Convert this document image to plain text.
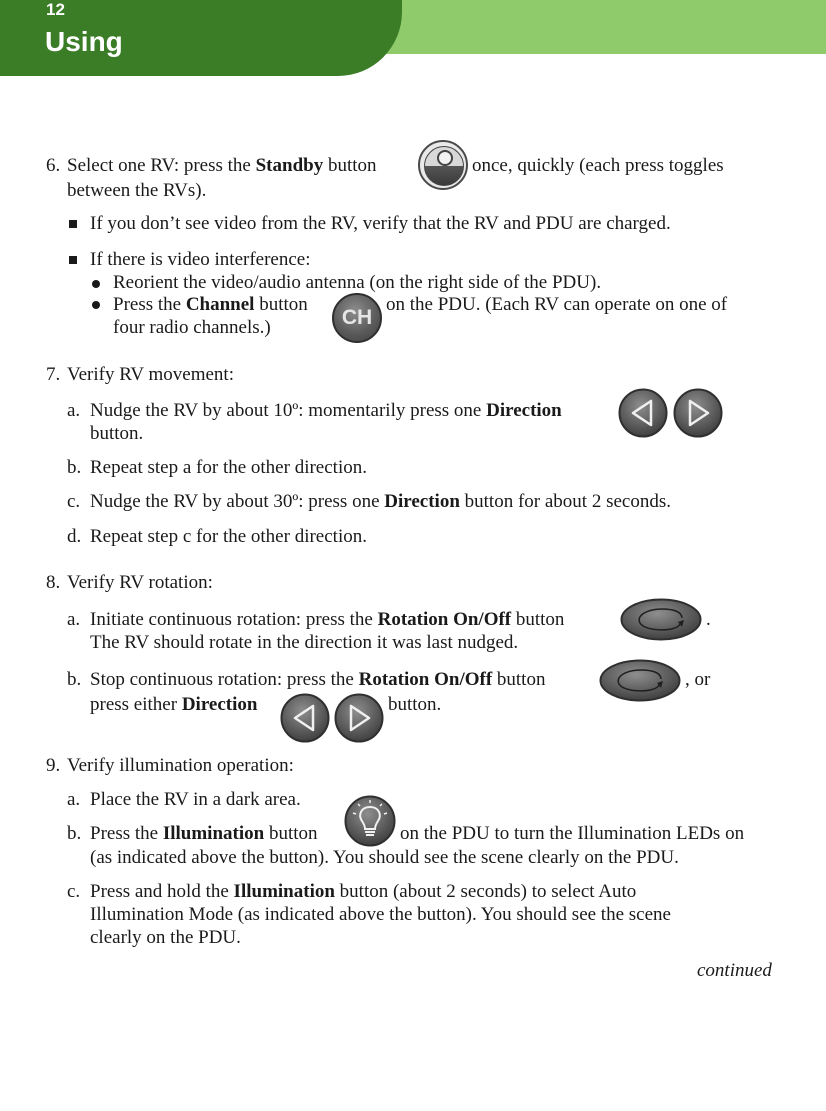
12
Using
6. Select one RV: press the Standby button	once, quickly (each press toggles
between the RVs).
If you don’t see video from the RV, verify that the RV and PDU are charged.
If there is video interference:
Reorient the video/audio antenna (on the right side of the PDU).
Press the Channel button
CH
on the PDU. (Each RV can operate on one of
four radio channels.)
7. Verify RV movement:
a. Nudge the RV by about 10º: momentarily press one Direction
button.
b. Repeat step a for the other direction.
c. Nudge the RV by about 30º: press one Direction button for about 2 seconds.
d. Repeat step c for the other direction.
8. Verify RV rotation:
a. Initiate continuous rotation: press the Rotation On/Off button	.
The RV should rotate in the direction it was last nudged.
b. Stop continuous rotation: press the Rotation On/Off button	, or
press either Direction	button.
9. Verify illumination operation:
a. Place the RV in a dark area.
b. Press the Illumination button	on the PDU to turn the Illumination LEDs on
(as indicated above the button). You should see the scene clearly on the PDU.
c. Press and hold the Illumination button (about 2 seconds) to select Auto
Illumination Mode (as indicated above the button). You should see the scene
clearly on the PDU.
continued
